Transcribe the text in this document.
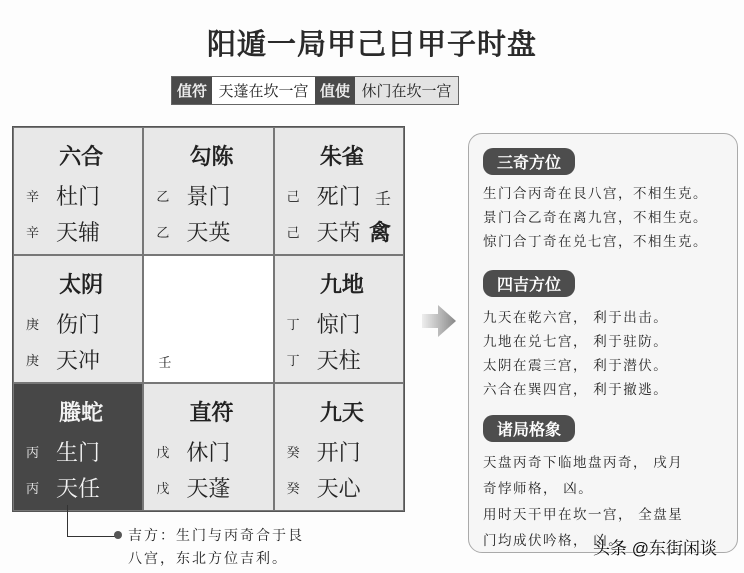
阳遁一局甲己日甲子时盘
值符 天蓬在坎一宫 值使 休门在坎一宫
六合
辛 杜门
辛 天辅
勾陈
乙 景门
乙 天英
朱雀
己 死门
己 天芮
壬
禽
太阴
庚 伤门
庚 天冲	壬
九地
丁 惊门
丁 天柱
螣蛇
丙 生门
丙 天任
直符
戊 休门
戊 天蓬
九天
癸 开门
癸 天心
吉方：生门与丙奇合于艮
八宫，东北方位吉利。
三奇方位
生门合丙奇在艮八宫，不相生克。
景门合乙奇在离九宫，不相生克。
惊门合丁奇在兑七宫，不相生克。
四吉方位
九天在乾六宫， 利于出击。
九地在兑七宫， 利于驻防。
太阴在震三宫， 利于潜伏。
六合在巽四宫， 利于撤逃。
诸局格象
天盘丙奇下临地盘丙奇， 戌月
奇悖师格， 凶。
用时天干甲在坎一宫， 全盘星
门均成伏吟格， 凶。
头条 @东街闲谈
